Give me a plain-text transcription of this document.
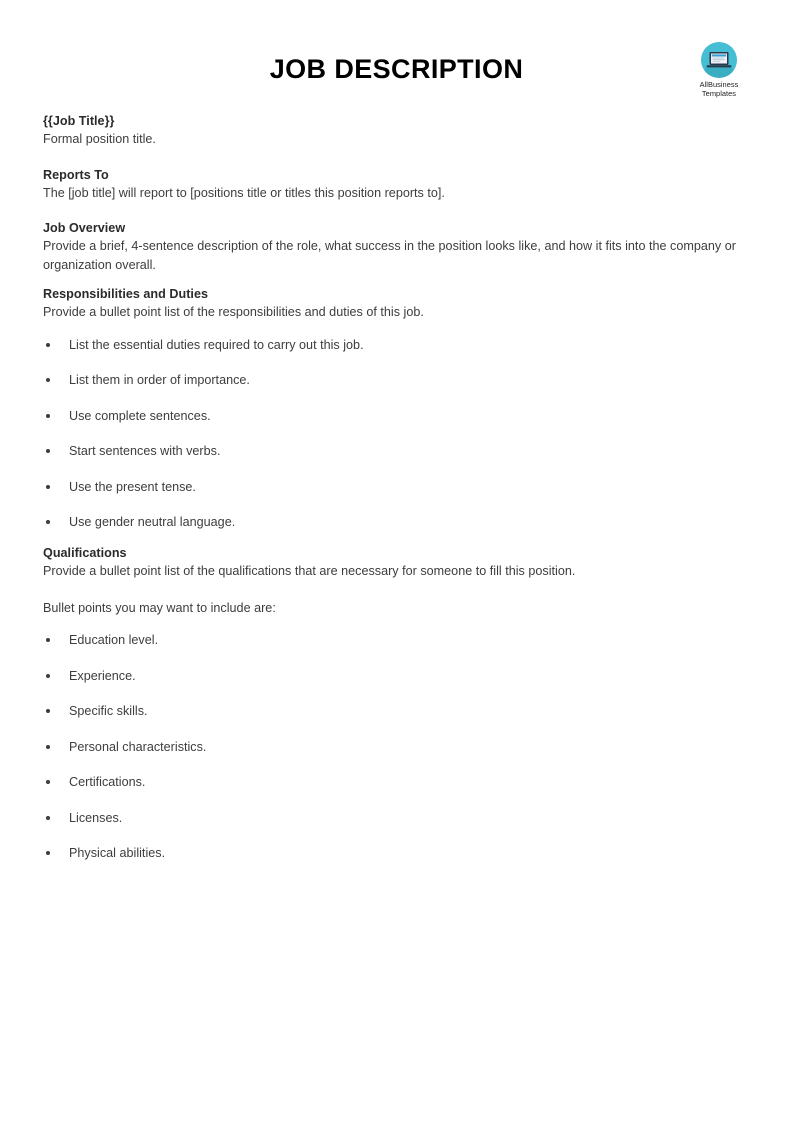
AllBusiness
Templates
JOB DESCRIPTION
{{Job Title}}
Formal position title.
Reports To
The [job title] will report to [positions title or titles this position reports to].
Job Overview
Provide a brief, 4-sentence description of the role, what success in the position looks like, and how it fits into the company or organization overall.
Responsibilities and Duties
Provide a bullet point list of the responsibilities and duties of this job.
List the essential duties required to carry out this job.
List them in order of importance.
Use complete sentences.
Start sentences with verbs.
Use the present tense.
Use gender neutral language.
Qualifications
Provide a bullet point list of the qualifications that are necessary for someone to fill this position.
Bullet points you may want to include are:
Education level.
Experience.
Specific skills.
Personal characteristics.
Certifications.
Licenses.
Physical abilities.
